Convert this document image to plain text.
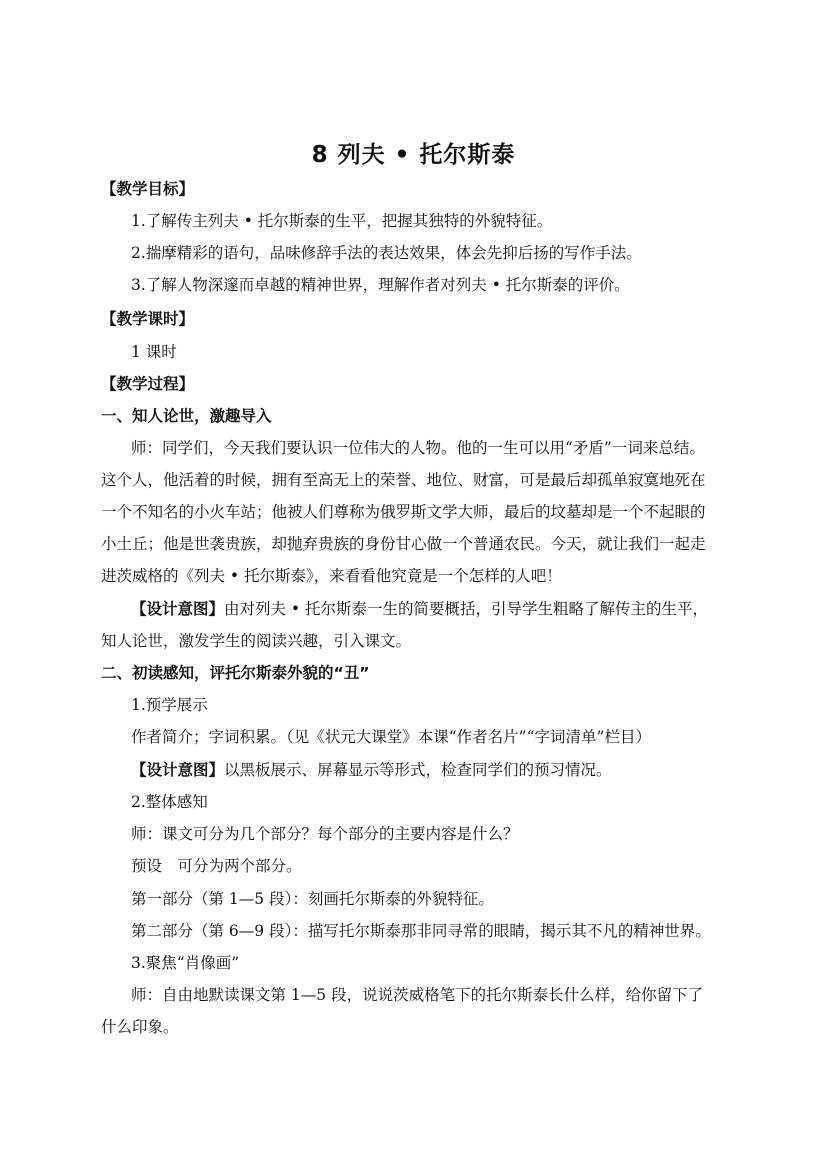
8 列夫 • 托尔斯泰
【教学目标】
1.了解传主列夫 • 托尔斯泰的生平，把握其独特的外貌特征。
2.揣摩精彩的语句，品味修辞手法的表达效果，体会先抑后扬的写作手法。
3.了解人物深邃而卓越的精神世界，理解作者对列夫 • 托尔斯泰的评价。
【教学课时】
1 课时
【教学过程】
一、知人论世，激趣导入
师：同学们，今天我们要认识一位伟大的人物。他的一生可以用“矛盾”一词来总结。
这个人，他活着的时候，拥有至高无上的荣誉、地位、财富，可是最后却孤单寂寞地死在
一个不知名的小火车站；他被人们尊称为俄罗斯文学大师，最后的坟墓却是一个不起眼的
小土丘；他是世袭贵族，却抛弃贵族的身份甘心做一个普通农民。今天，就让我们一起走
进茨威格的《列夫 • 托尔斯泰》，来看看他究竟是一个怎样的人吧！
【设计意图】由对列夫 • 托尔斯泰一生的简要概括，引导学生粗略了解传主的生平，
知人论世，激发学生的阅读兴趣，引入课文。
二、初读感知，评托尔斯泰外貌的“丑”
1.预学展示
作者简介；字词积累。（见《状元大课堂》本课“作者名片”“字词清单”栏目）
【设计意图】以黑板展示、屏幕显示等形式，检查同学们的预习情况。
2.整体感知
师：课文可分为几个部分？每个部分的主要内容是什么？
预设　可分为两个部分。
第一部分（第 1—5 段）：刻画托尔斯泰的外貌特征。
第二部分（第 6—9 段）：描写托尔斯泰那非同寻常的眼睛，揭示其不凡的精神世界。
3.聚焦“肖像画”
师：自由地默读课文第 1—5 段，说说茨威格笔下的托尔斯泰长什么样，给你留下了
什么印象。
